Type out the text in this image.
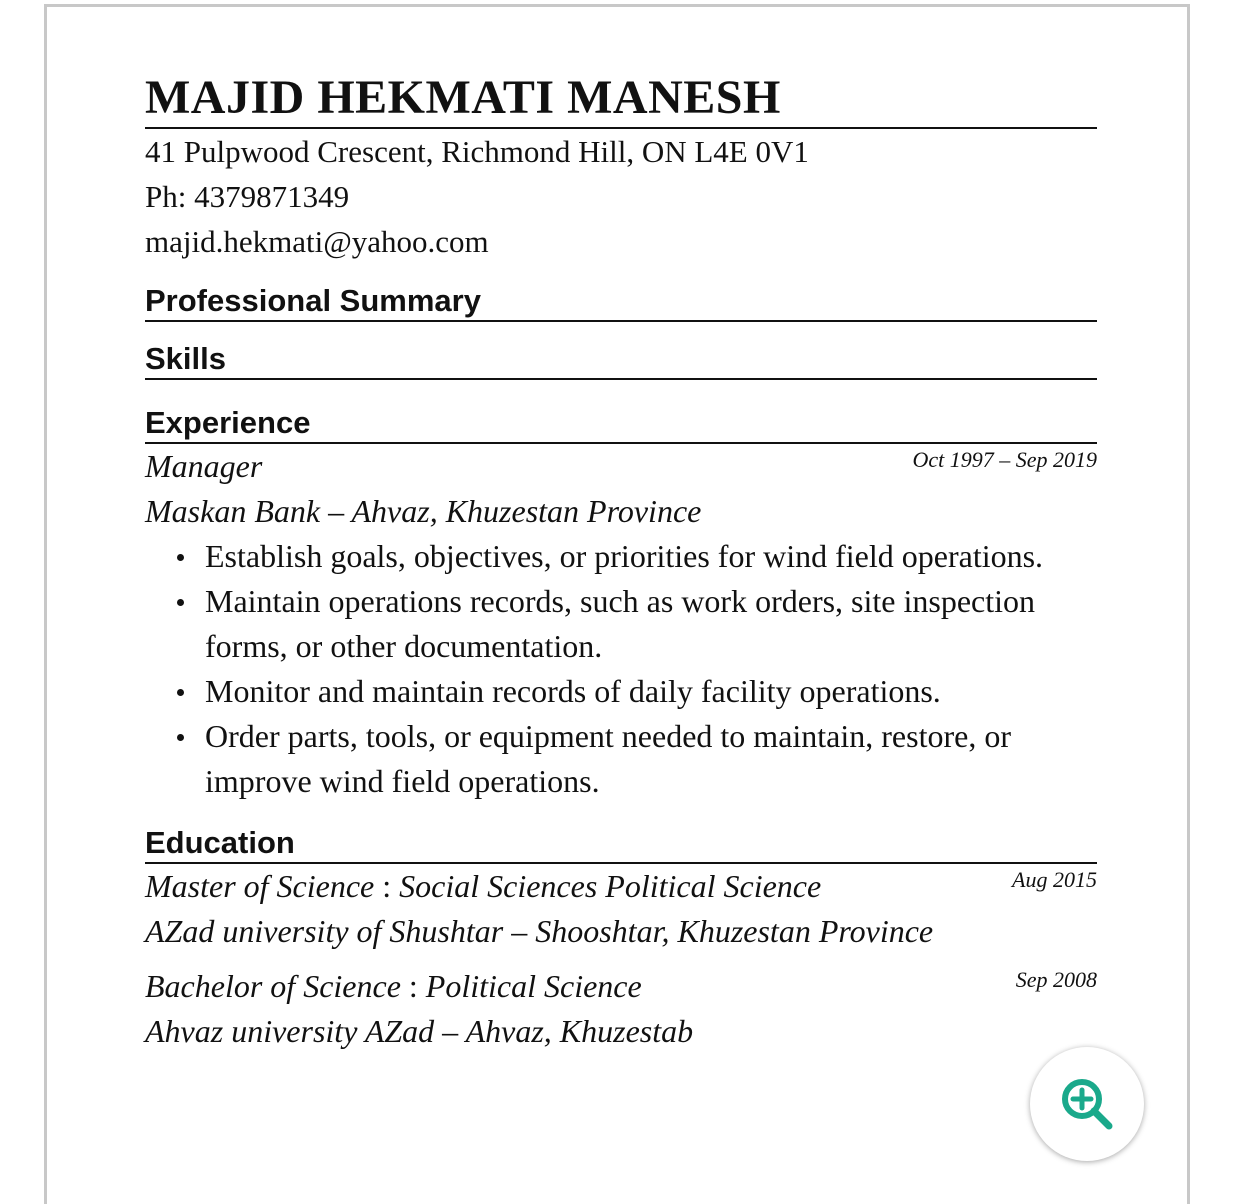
MAJID HEKMATI MANESH
41 Pulpwood Crescent, Richmond Hill, ON L4E 0V1
Ph: 4379871349
majid.hekmati@yahoo.com
Professional Summary
Skills
Experience
Manager	Oct 1997 – Sep 2019
Maskan Bank – Ahvaz, Khuzestan Province
Establish goals, objectives, or priorities for wind field operations.
Maintain operations records, such as work orders, site inspection forms, or other documentation.
Monitor and maintain records of daily facility operations.
Order parts, tools, or equipment needed to maintain, restore, or improve wind field operations.
Education
Master of Science : Social Sciences Political Science	Aug 2015
AZad university of Shushtar – Shooshtar, Khuzestan Province
Bachelor of Science : Political Science	Sep 2008
Ahvaz university AZad – Ahvaz, Khuzestab
